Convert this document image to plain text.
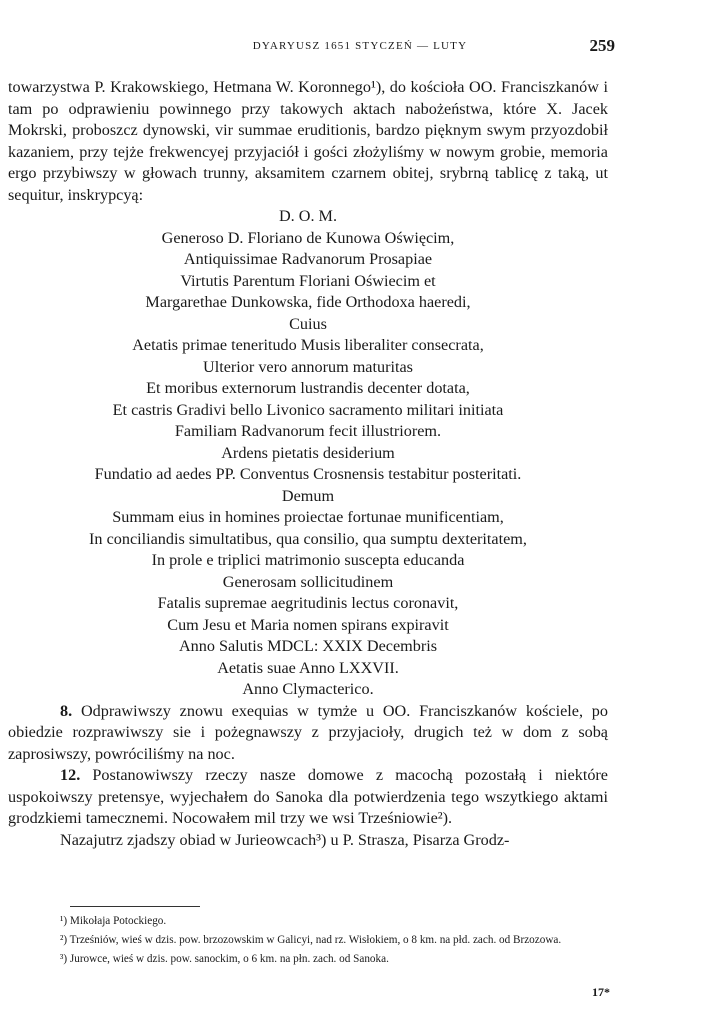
DYARYUSZ 1651 STYCZEŃ — LUTY	259

towarzystwa P. Krakowskiego, Hetmana W. Koronnego¹), do kościoła OO. Franciszkanów i tam po odprawieniu powinnego przy takowych aktach nabożeństwa, które X. Jacek Mokrski, proboszcz dynowski, vir summae eruditionis, bardzo pięknym swym przyozdobił kazaniem, przy tejże frekwencyej przyjaciół i gości złożyliśmy w nowym grobie, memoria ergo przybiwszy w głowach trunny, aksamitem czarnem obitej, srybrną tablicę z taką, ut sequitur, inskrypcyą:

D. O. M.
Generoso D. Floriano de Kunowa Oświęcim,
Antiquissimae Radvanorum Prosapiae
Virtutis Parentum Floriani Oświecim et
Margarethae Dunkowska, fide Orthodoxa haeredi,
Cuius
Aetatis primae teneritudo Musis liberaliter consecrata,
Ulterior vero annorum maturitas
Et moribus externorum lustrandis decenter dotata,
Et castris Gradivi bello Livonico sacramento militari initiata
Familiam Radvanorum fecit illustriorem.
Ardens pietatis desiderium
Fundatio ad aedes PP. Conventus Crosnensis testabitur posteritati.
Demum
Summam eius in homines proiectae fortunae munificentiam,
In conciliandis simultatibus, qua consilio, qua sumptu dexteritatem,
In prole e triplici matrimonio suscepta educanda
Generosam sollicitudinem
Fatalis supremae aegritudinis lectus coronavit,
Cum Jesu et Maria nomen spirans expiravit
Anno Salutis MDCL: XXIX Decembris
Aetatis suae Anno LXXVII.
Anno Clymacterico.

8. Odprawiwszy znowu exequias w tymże u OO. Franciszkanów kościele, po obiedzie rozprawiwszy sie i pożegnawszy z przyjacioły, drugich też w dom z sobą zaprosiwszy, powróciliśmy na noc.

12. Postanowiwszy rzeczy nasze domowe z macochą pozostałą i niektóre uspokoiwszy pretensye, wyjechałem do Sanoka dla potwierdzenia tego wszytkiego aktami grodzkiemi tamecznemi. Nocowałem mil trzy we wsi Trześniowie²).

Nazajutrz zjadszy obiad w Jurieowcach³) u P. Strasza, Pisarza Grodz-

¹) Mikołaja Potockiego.

²) Trześniów, wieś w dzis. pow. brzozowskim w Galicyi, nad rz. Wisłokiem, o 8 km. na płd. zach. od Brzozowa.

³) Jurowce, wieś w dzis. pow. sanockim, o 6 km. na płn. zach. od Sanoka.

17*
